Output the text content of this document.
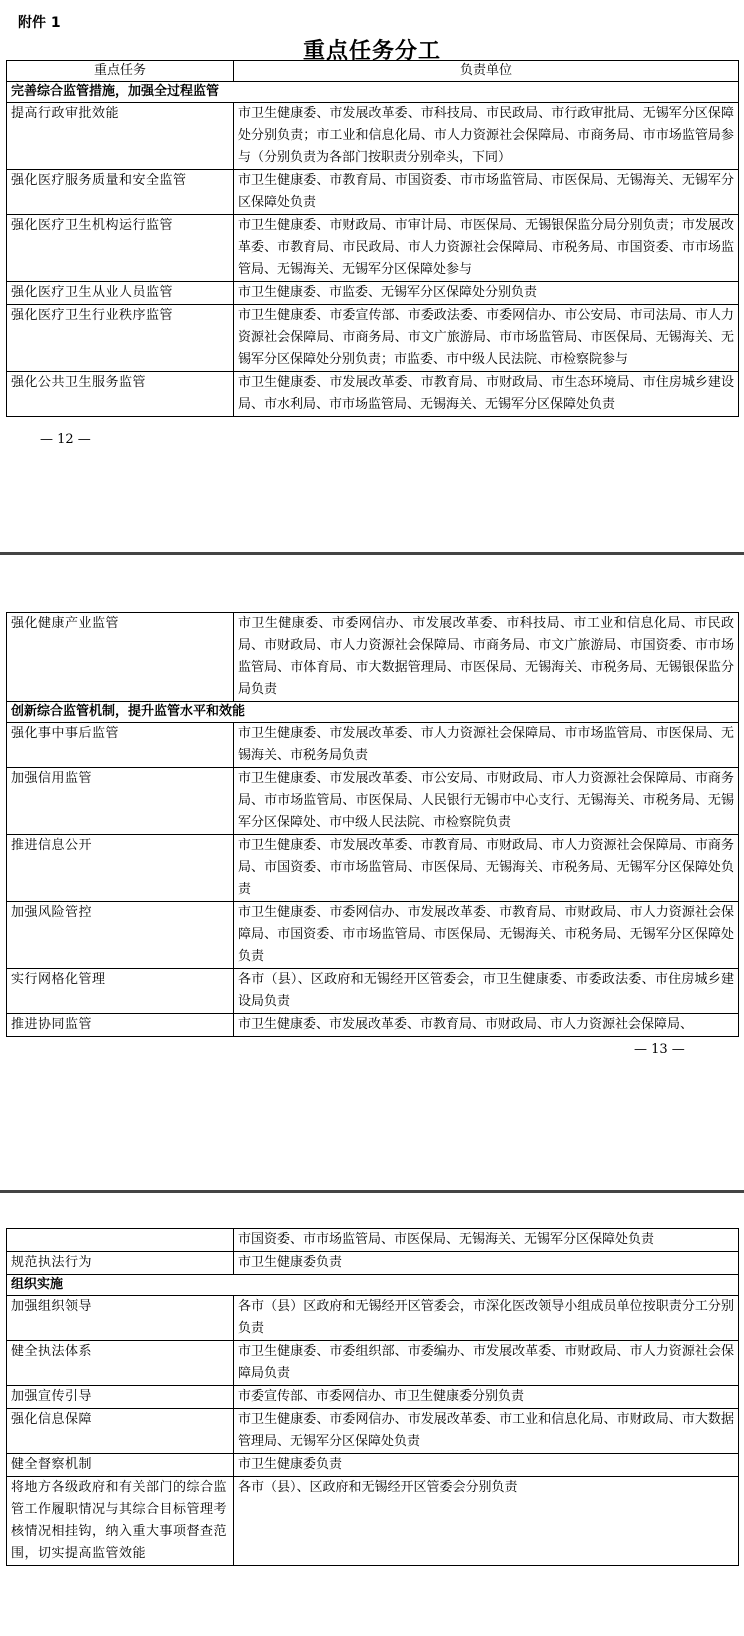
附件 1
重点任务分工
重点任务	负责单位
完善综合监管措施，加强全过程监管	
提高行政审批效能	市卫生健康委、市发展改革委、市科技局、市民政局、市行政审批局、无锡军分区保障处分别负责；市工业和信息化局、市人力资源社会保障局、市商务局、市市场监管局参与（分别负责为各部门按职责分别牵头，下同）
强化医疗服务质量和安全监管	市卫生健康委、市教育局、市国资委、市市场监管局、市医保局、无锡海关、无锡军分区保障处负责
强化医疗卫生机构运行监管	市卫生健康委、市财政局、市审计局、市医保局、无锡银保监分局分别负责；市发展改革委、市教育局、市民政局、市人力资源社会保障局、市税务局、市国资委、市市场监管局、无锡海关、无锡军分区保障处参与
强化医疗卫生从业人员监管	市卫生健康委、市监委、无锡军分区保障处分别负责
强化医疗卫生行业秩序监管	市卫生健康委、市委宣传部、市委政法委、市委网信办、市公安局、市司法局、市人力资源社会保障局、市商务局、市文广旅游局、市市场监管局、市医保局、无锡海关、无锡军分区保障处分别负责；市监委、市中级人民法院、市检察院参与
强化公共卫生服务监管	市卫生健康委、市发展改革委、市教育局、市财政局、市生态环境局、市住房城乡建设局、市水利局、市市场监管局、无锡海关、无锡军分区保障处负责
— 12 —
强化健康产业监管	市卫生健康委、市委网信办、市发展改革委、市科技局、市工业和信息化局、市民政局、市财政局、市人力资源社会保障局、市商务局、市文广旅游局、市国资委、市市场监管局、市体育局、市大数据管理局、市医保局、无锡海关、市税务局、无锡银保监分局负责
创新综合监管机制，提升监管水平和效能	
强化事中事后监管	市卫生健康委、市发展改革委、市人力资源社会保障局、市市场监管局、市医保局、无锡海关、市税务局负责
加强信用监管	市卫生健康委、市发展改革委、市公安局、市财政局、市人力资源社会保障局、市商务局、市市场监管局、市医保局、人民银行无锡市中心支行、无锡海关、市税务局、无锡军分区保障处、市中级人民法院、市检察院负责
推进信息公开	市卫生健康委、市发展改革委、市教育局、市财政局、市人力资源社会保障局、市商务局、市国资委、市市场监管局、市医保局、无锡海关、市税务局、无锡军分区保障处负责
加强风险管控	市卫生健康委、市委网信办、市发展改革委、市教育局、市财政局、市人力资源社会保障局、市国资委、市市场监管局、市医保局、无锡海关、市税务局、无锡军分区保障处负责
实行网格化管理	各市（县）、区政府和无锡经开区管委会，市卫生健康委、市委政法委、市住房城乡建设局负责
推进协同监管	市卫生健康委、市发展改革委、市教育局、市财政局、市人力资源社会保障局、
— 13 —
	市国资委、市市场监管局、市医保局、无锡海关、无锡军分区保障处负责
规范执法行为	市卫生健康委负责
组织实施	
加强组织领导	各市（县）区政府和无锡经开区管委会，市深化医改领导小组成员单位按职责分工分别负责
健全执法体系	市卫生健康委、市委组织部、市委编办、市发展改革委、市财政局、市人力资源社会保障局负责
加强宣传引导	市委宣传部、市委网信办、市卫生健康委分别负责
强化信息保障	市卫生健康委、市委网信办、市发展改革委、市工业和信息化局、市财政局、市大数据管理局、无锡军分区保障处负责
健全督察机制	市卫生健康委负责
将地方各级政府和有关部门的综合监管工作履职情况与其综合目标管理考核情况相挂钩，纳入重大事项督查范围，切实提高监管效能	各市（县）、区政府和无锡经开区管委会分别负责
